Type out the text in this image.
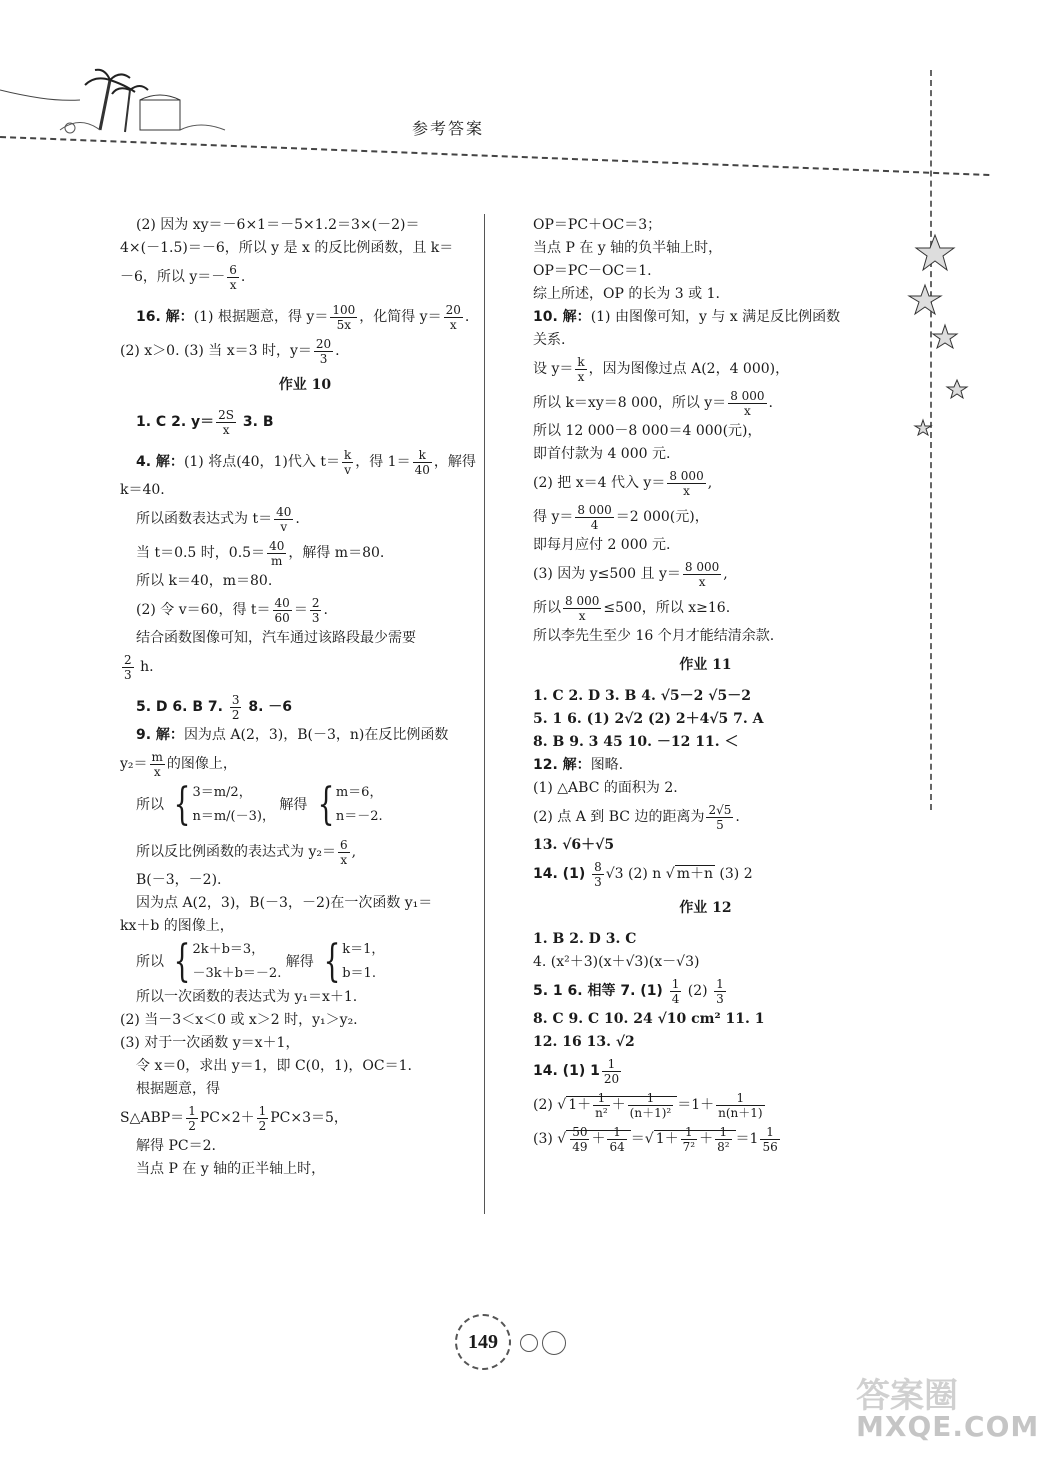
参考答案
(2) 因为 xy＝－6×1＝－5×1.2＝3×(－2)＝
4×(－1.5)＝－6，所以 y 是 x 的反比例函数，且 k＝
－6，所以 $y=- \frac{6}{x}$ .
16. 解：(1) 根据题意，得 $y= \frac{100}{5x}$ ，化简得 $y= \frac{20}{x}$ .
(2) x＞0. (3) 当 x＝3 时，$y= \frac{20}{3}$ .
作业 10
1. C 2. $y= \frac{2S}{x} 3$. B
4. 解：(1) 将点(40，1)代入 $t= \frac{k}{v}$ ，得 $1= \frac{k}{40}$ ，解得
k＝40.
所以函数表达式为 $t= \frac{40}{v}$ .
当 t＝0.5 时，$0.5= \frac{40}{m}$ ，解得 m＝80.
所以 k＝40，m＝80.
(2) 令 v＝60，得 $t= \frac{40}{60} = \frac{2}{3}$ .
结合函数图像可知，汽车通过该路段最少需要
$\frac{2}{3} h$.
5. D 6. B 7. $\frac{3}{2} 8$. －6
9. 解：因为点 A(2，3)，B(－3，n)在反比例函数
$y_2= \frac{m}{x}$ 的图像上，
所以 { 3＝m/2，
n＝m/(－3)，
解得 { m＝6，
n＝－2.
所以反比例函数的表达式为 $y_2= \frac{6}{x}$ ,
B(－3，－2).
因为点 A(2，3)，B(－3，－2)在一次函数 y₁＝
kx＋b 的图像上，
所以 { 2k＋b＝3，
－3k＋b＝－2.
解得 { k＝1，
b＝1.
所以一次函数的表达式为 y₁＝x＋1.
(2) 当－3＜x＜0 或 x＞2 时，y₁＞y₂.
(3) 对于一次函数 y＝x＋1，
令 x＝0，求出 y＝1，即 C(0，1)，OC＝1.
根据题意，得
S△ABP＝ $\frac{1}{2} PC\times 2+ \frac{1}{2} PC\times 3=5$，
解得 PC＝2.
当点 P 在 y 轴的正半轴上时，
OP＝PC＋OC＝3；
当点 P 在 y 轴的负半轴上时，
OP＝PC－OC＝1.
综上所述，OP 的长为 3 或 1.
10. 解：(1) 由图像可知，y 与 x 满足反比例函数
关系.
设 $y= \frac{k}{x}$ ，因为图像过点 A(2，4 000)，
所以 k＝xy＝8 000，所以 $y= \frac{8 000}{x}$ .
所以 12 000－8 000＝4 000(元)，
即首付款为 4 000 元.
(2) 把 x＝4 代入 $y= \frac{8 000}{x}$ ,
得 $y= \frac{8 000}{4} =2$ 000(元)，
即每月应付 2 000 元.
(3) 因为 y≤500 且 $y= \frac{8 000}{x}$ ,
所以 $\frac{8 000}{x} \le 500$，所以 x≥16.
所以李先生至少 16 个月才能结清余款.
作业 11
1. C 2. D 3. B 4. √5－2 √5－2
5. 1 6. (1) 2√2 (2) 2＋4√5 7. A
8. B 9. 3 45 10. －12 11. ＜
12. 解：图略.
(1) △ABC 的面积为 2.
(2) 点 A 到 BC 边的距离为 $\frac{2√5}{5}$ .
13. √6＋√5
14. $(1) \frac{8}{3} √3$ (2) n √ m＋n (3) 2
作业 12
1. B 2. D 3. C
4. (x²＋3)(x＋√3)(x－√3)
5. 1 6. 相等 7. $(1) \frac{1}{4} (2) \frac{1}{3}$
8. C 9. C 10. 24 √10 cm² 11. 1
12. 16 13. √2
14. (1) $1 \frac{1}{20}$
(2) √ $1+ \frac{1}{\text{n²}} + \frac{1}{\text{(n＋1)²}} =1+ \frac{1}{n(n+1)}$
(3) √ $\frac{50}{49} + \frac{1}{64}$ ＝√ $1+ \frac{1}{\text{7²}} + \frac{1}{\text{8²}} =1 \frac{1}{56}$
149
答案圈
MXQE.COM
